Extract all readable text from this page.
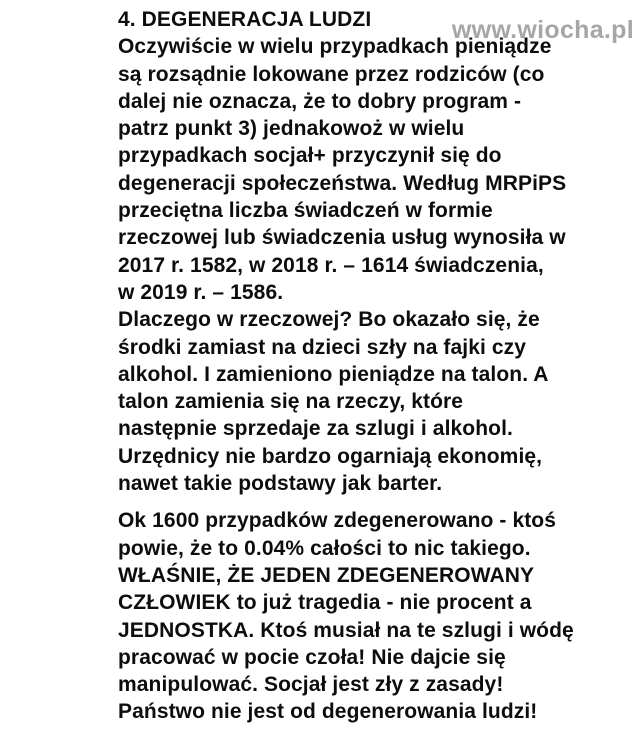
www.wiocha.pl
4. DEGENERACJA LUDZI
Oczywiście w wielu przypadkach pieniądze
są rozsądnie lokowane przez rodziców (co
dalej nie oznacza, że to dobry program -
patrz punkt 3) jednakowoż w wielu
przypadkach socjał+ przyczynił się do
degeneracji społeczeństwa. Według MRPiPS
przeciętna liczba świadczeń w formie
rzeczowej lub świadczenia usług wynosiła w
2017 r. 1582, w 2018 r. – 1614 świadczenia,
w 2019 r. – 1586.
Dlaczego w rzeczowej? Bo okazało się, że
środki zamiast na dzieci szły na fajki czy
alkohol. I zamieniono pieniądze na talon. A
talon zamienia się na rzeczy, które
następnie sprzedaje za szlugi i alkohol.
Urzędnicy nie bardzo ogarniają ekonomię,
nawet takie podstawy jak barter.
Ok 1600 przypadków zdegenerowano - ktoś
powie, że to 0.04% całości to nic takiego.
WŁAŚNIE, ŻE JEDEN ZDEGENEROWANY
CZŁOWIEK to już tragedia - nie procent a
JEDNOSTKA. Ktoś musiał na te szlugi i wódę
pracować w pocie czoła! Nie dajcie się
manipulować. Socjał jest zły z zasady!
Państwo nie jest od degenerowania ludzi!
